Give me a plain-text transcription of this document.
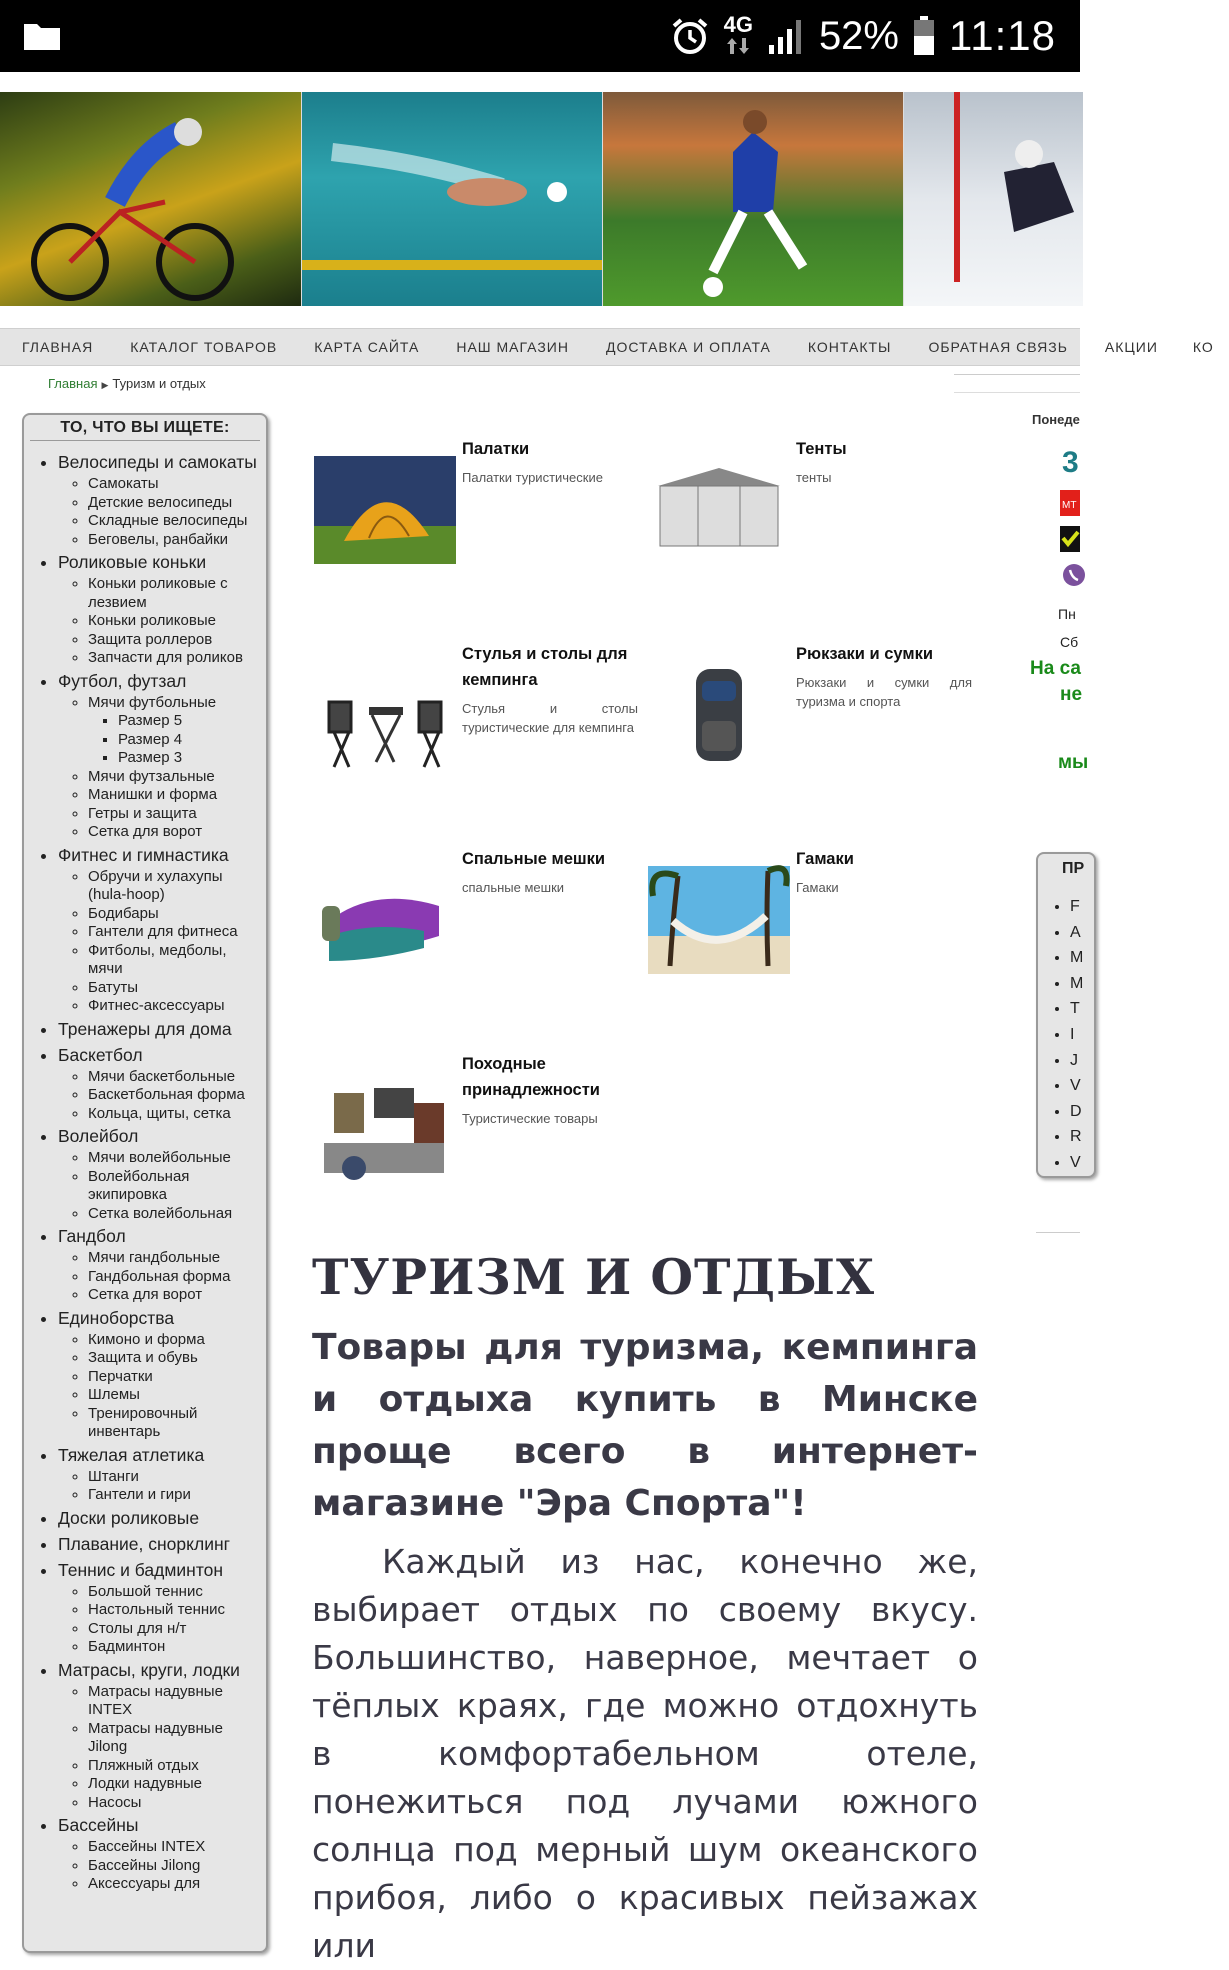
4G 52% 11:18
ГЛАВНАЯ	КАТАЛОГ ТОВАРОВ	КАРТА САЙТА	НАШ МАГАЗИН	ДОСТАВКА И ОПЛАТА	КОНТАКТЫ	ОБРАТНАЯ СВЯЗЬ	АКЦИИ	КО
Главная ▶ Туризм и отдых
ТО, ЧТО ВЫ ИЩЕТЕ:
• Велосипеды и самокаты
◦ Самокаты
◦ Детские велосипеды
◦ Складные велосипеды
◦ Беговелы, ранбайки
• Роликовые коньки
◦ Коньки роликовые с лезвием
◦ Коньки роликовые
◦ Защита роллеров
◦ Запчасти для роликов
• Футбол, футзал
◦ Мячи футбольные
▪ Размер 5
▪ Размер 4
▪ Размер 3
◦ Мячи футзальные
◦ Манишки и форма
◦ Гетры и защита
◦ Сетка для ворот
• Фитнес и гимнастика
◦ Обручи и хулахупы (hula-hoop)
◦ Бодибары
◦ Гантели для фитнеса
◦ Фитболы, медболы, мячи
◦ Батуты
◦ Фитнес-аксессуары
• Тренажеры для дома
• Баскетбол
◦ Мячи баскетбольные
◦ Баскетбольная форма
◦ Кольца, щиты, сетка
• Волейбол
◦ Мячи волейбольные
◦ Волейбольная экипировка
◦ Сетка волейбольная
• Гандбол
◦ Мячи гандбольные
◦ Гандбольная форма
◦ Сетка для ворот
• Единоборства
◦ Кимоно и форма
◦ Защита и обувь
◦ Перчатки
◦ Шлемы
◦ Тренировочный инвентарь
• Тяжелая атлетика
◦ Штанги
◦ Гантели и гири
• Доски роликовые
• Плавание, снорклинг
• Теннис и бадминтон
◦ Большой теннис
◦ Настольный теннис
◦ Столы для н/т
◦ Бадминтон
• Матрасы, круги, лодки
◦ Матрасы надувные INTEX
◦ Матрасы надувные Jilong
◦ Пляжный отдых
◦ Лодки надувные
◦ Насосы
• Бассейны
◦ Бассейны INTEX
◦ Бассейны Jilong
◦ Аксессуары для
Палатки
Палатки туристические
Тенты
тенты
Стулья и столы для кемпинга
Стулья и столы туристические для кемпинга
Рюкзаки и сумки
Рюкзаки и сумки для туризма и спорта
Спальные мешки
спальные мешки
Гамаки
Гамаки
Походные принадлежности
Туристические товары
ТУРИЗМ И ОТДЫХ
Товары для туризма, кемпинга и отдыха купить в Минске проще всего в интернет-магазине "Эра Спорта"!
Каждый из нас, конечно же, выбирает отдых по своему вкусу. Большинство, наверное, мечтает о тёплых краях, где можно отдохнуть в комфортабельном отеле, понежиться под лучами южного солнца под мерный шум океанского прибоя, либо о красивых пейзажах или
Понеде
3
МТ
Пн
Сб
На са
не
мы
ПР
• F
• A
• M
• M
• T
• I
• J
• V
• D
• R
• V
